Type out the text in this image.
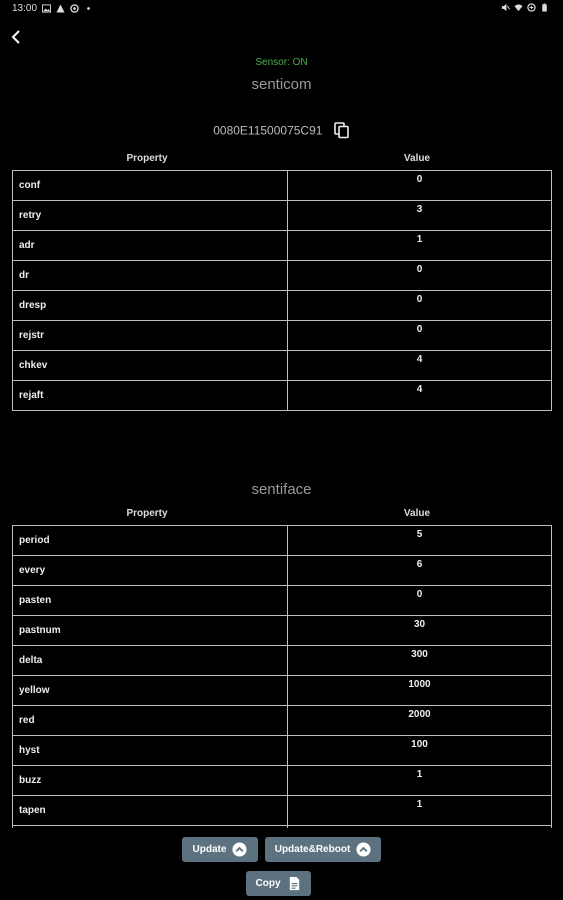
13:00
Sensor: ON
senticom
0080E11500075C91
Property	Value
conf	0
retry	3
adr	1
dr	0
dresp	0
rejstr	0
chkev	4
rejaft	4
sentiface
Property	Value
period	5
every	6
pasten	0
pastnum	30
delta	300
yellow	1000
red	2000
hyst	100
buzz	1
tapen	1

Update	Update&Reboot
Copy
